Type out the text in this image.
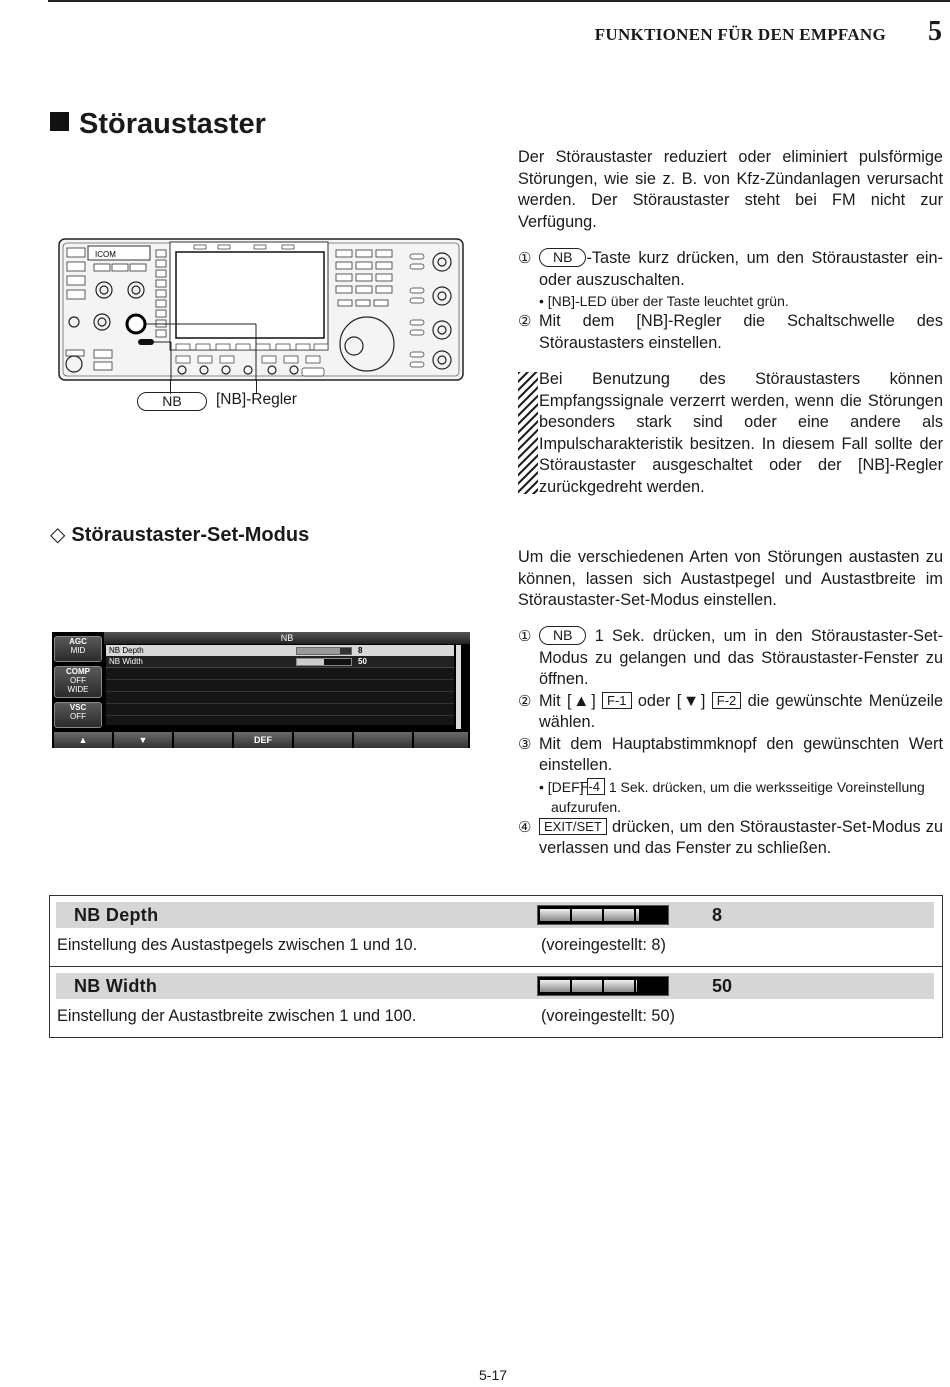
FUNKTIONEN FÜR DEN EMPFANG 5
Störaustaster
Der Störaustaster reduziert oder eliminiert pulsförmige Störungen, wie sie z. B. von Kfz-Zündanlagen verursacht werden. Der Störaustaster steht bei FM nicht zur Verfügung.
① NB -Taste kurz drücken, um den Störaustaster ein- oder auszuschalten.
• [NB]-LED über der Taste leuchtet grün.
② Mit dem [NB]-Regler die Schaltschwelle des Störaustasters einstellen.
Bei Benutzung des Störaustasters können Empfangssignale verzerrt werden, wenn die Störungen besonders stark sind oder eine andere als Impulscharakteristik besitzen. In diesem Fall sollte der Störaustaster ausgeschaltet oder der [NB]-Regler zurückgedreht werden.
◇ Störaustaster-Set-Modus
Um die verschiedenen Arten von Störungen austasten zu können, lassen sich Austastpegel und Austastbreite im Störaustaster-Set-Modus einstellen.
① NB 1 Sek. drücken, um in den Störaustaster-Set-Modus zu gelangen und das Störaustaster-Fenster zu öffnen.
② Mit [▲] F-1 oder [▼] F-2 die gewünschte Menüzeile wählen.
③ Mit dem Hauptabstimmknopf den gewünschten Wert einstellen.
• [DEF] F-4 1 Sek. drücken, um die werksseitige Voreinstellung aufzurufen.
④ EXIT/SET drücken, um den Störaustaster-Set-Modus zu verlassen und das Fenster zu schließen.
ICOM
NB	[NB]-Regler
NB
NB Depth
NB Width
8
50
AGC
MID
COMP
OFF
WIDE
VSC
OFF
▲	▼	DEF
NB Depth	8
Einstellung des Austastpegels zwischen 1 und 10.	(voreingestellt: 8)
NB Width	50
Einstellung der Austastbreite zwischen 1 und 100.	(voreingestellt: 50)
5-17
